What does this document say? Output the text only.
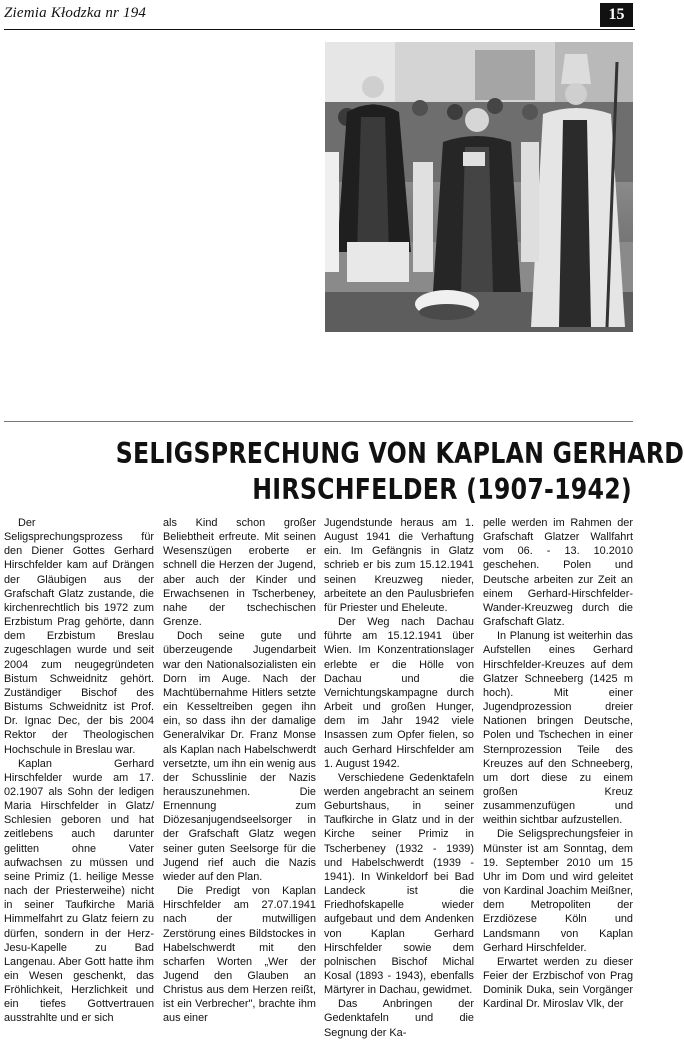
Ziemia Kłodzka nr 194	15
SELIGSPRECHUNG VON KAPLAN GERHARD
HIRSCHFELDER (1907-1942)

Der Seligsprechungsprozess für den Diener Gottes Gerhard Hirschfelder kam auf Drängen der Gläubigen aus der Grafschaft Glatz zustande, die kirchenrechtlich bis 1972 zum Erzbistum Prag gehörte, dann dem Erzbistum Breslau zugeschlagen wurde und seit 2004 zum neugegründeten Bistum Schweidnitz gehört. Zuständiger Bischof des Bistums Schweidnitz ist Prof. Dr. Ignac Dec, der bis 2004 Rektor der Theologischen Hochschule in Breslau war.

Kaplan Gerhard Hirschfelder wurde am 17. 02.1907 als Sohn der ledigen Maria Hirschfelder in Glatz/ Schlesien geboren und hat zeitlebens auch darunter gelitten ohne Vater aufwachsen zu müssen und seine Primiz (1. heilige Messe nach der Priesterweihe) nicht in seiner Taufkirche Mariä Himmelfahrt zu Glatz feiern zu dürfen, sondern in der Herz-Jesu-Kapelle zu Bad Langenau. Aber Gott hatte ihm ein Wesen geschenkt, das Fröhlichkeit, Herzlichkeit und ein tiefes Gottvertrauen ausstrahlte und er sich

als Kind schon großer Beliebtheit erfreute. Mit seinen Wesenszügen eroberte er schnell die Herzen der Jugend, aber auch der Kinder und Erwachsenen in Tscherbeney, nahe der tschechischen Grenze.

Doch seine gute und überzeugende Jugendarbeit war den Nationalsozialisten ein Dorn im Auge. Nach der Machtübernahme Hitlers setzte ein Kesseltreiben gegen ihn ein, so dass ihn der damalige Generalvikar Dr. Franz Monse als Kaplan nach Habelschwerdt versetzte, um ihn ein wenig aus der Schusslinie der Nazis herauszunehmen. Die Ernennung zum Diözesanjugendseelsorger in der Grafschaft Glatz wegen seiner guten Seelsorge für die Jugend rief auch die Nazis wieder auf den Plan.

Die Predigt von Kaplan Hirschfelder am 27.07.1941 nach der mutwilligen Zerstörung eines Bildstockes in Habelschwerdt mit den scharfen Worten „Wer der Jugend den Glauben an Christus aus dem Herzen reißt, ist ein Verbrecher", brachte ihm aus einer

Jugendstunde heraus am 1. August 1941 die Verhaftung ein. Im Gefängnis in Glatz schrieb er bis zum 15.12.1941 seinen Kreuzweg nieder, arbeitete an den Paulusbriefen für Priester und Eheleute.

Der Weg nach Dachau führte am 15.12.1941 über Wien. Im Konzentrationslager erlebte er die Hölle von Dachau und die Vernichtungskampagne durch Arbeit und großen Hunger, dem im Jahr 1942 viele Insassen zum Opfer fielen, so auch Gerhard Hirschfelder am 1. August 1942.

Verschiedene Gedenktafeln werden angebracht an seinem Geburtshaus, in seiner Taufkirche in Glatz und in der Kirche seiner Primiz in Tscherbeney (1932 - 1939) und Habelschwerdt (1939 - 1941). In Winkeldorf bei Bad Landeck ist die Friedhofskapelle wieder aufgebaut und dem Andenken von Kaplan Gerhard Hirschfelder sowie dem polnischen Bischof Michal Kosal (1893 - 1943), ebenfalls Märtyrer in Dachau, gewidmet.

Das Anbringen der Gedenktafeln und die Segnung der Ka-

pelle werden im Rahmen der Grafschaft Glatzer Wallfahrt vom 06. - 13. 10.2010 geschehen. Polen und Deutsche arbeiten zur Zeit an einem Gerhard-Hirschfelder-Wander-Kreuzweg durch die Grafschaft Glatz.

In Planung ist weiterhin das Aufstellen eines Gerhard Hirschfelder-Kreuzes auf dem Glatzer Schneeberg (1425 m hoch). Mit einer Jugendprozession dreier Nationen bringen Deutsche, Polen und Tschechen in einer Sternprozession Teile des Kreuzes auf den Schneeberg, um dort diese zu einem großen Kreuz zusammenzufügen und weithin sichtbar aufzustellen.

Die Seligsprechungsfeier in Münster ist am Sonntag, dem 19. September 2010 um 15 Uhr im Dom und wird geleitet von Kardinal Joachim Meißner, dem Metropoliten der Erzdiözese Köln und Landsmann von Kaplan Gerhard Hirschfelder.

Erwartet werden zu dieser Feier der Erzbischof von Prag Dominik Duka, sein Vorgänger Kardinal Dr. Miroslav Vlk, der
